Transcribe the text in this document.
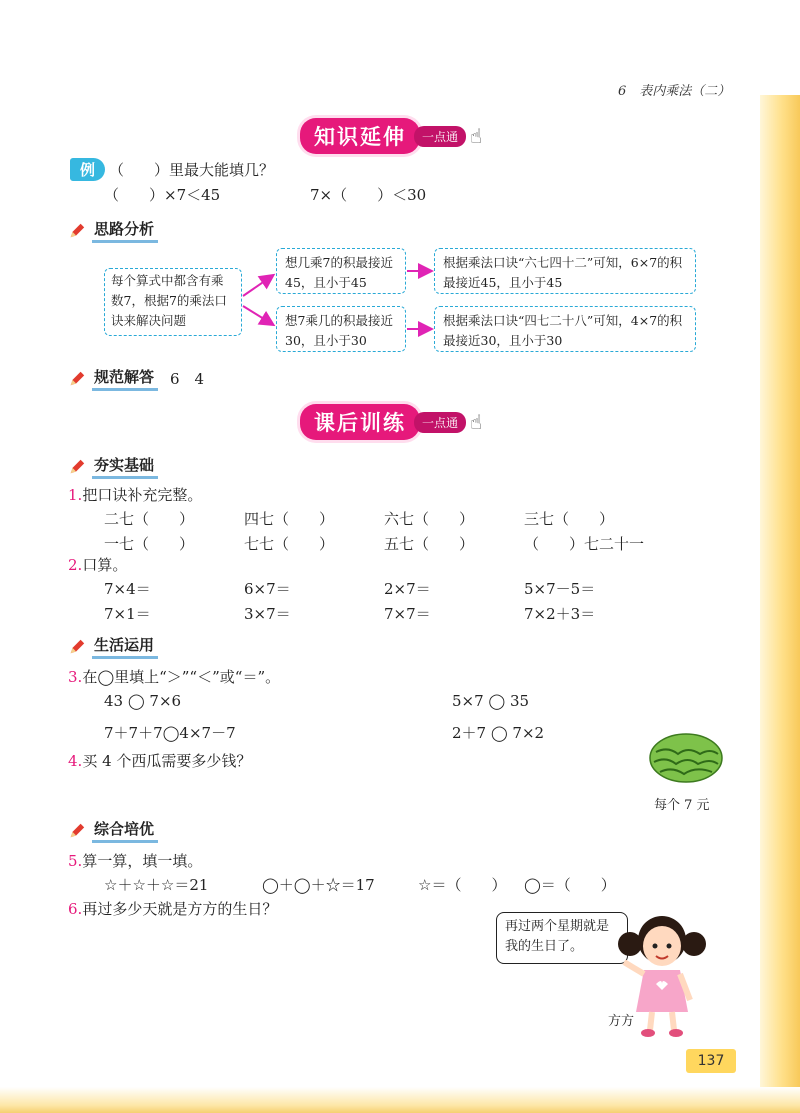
6　 表内乘法（二）
知识延伸	一点通 ☝
例 （　　）里最大能填几？
（　　）×7＜45	7×（　　）＜30
思路分析
每个算式中都含有乘数7，根据7的乘法口诀来解决问题
想几乘7的积最接近45，且小于45
想7乘几的积最接近30，且小于30
根据乘法口诀“六七四十二”可知，6×7的积最接近45，且小于45
根据乘法口诀“四七二十八”可知，4×7的积最接近30，且小于30
规范解答 6　4
课后训练	一点通 ☝
夯实基础
1.把口诀补充完整。
二七（　　）	四七（　　）	六七（　　）	三七（　　）
一七（　　）	七七（　　）	五七（　　）	（　　）七二十一
2.口算。
7×4＝	6×7＝	2×7＝	5×7－5＝
7×1＝	3×7＝	7×7＝	7×2＋3＝
生活运用
3.在◯里填上“＞”“＜”或“＝”。
43 ◯ 7×6	5×7 ◯ 35
7＋7＋7◯4×7－7	2＋7 ◯ 7×2
4.买 4 个西瓜需要多少钱？
每个 7 元
综合培优
5.算一算，填一填。
☆＋☆＋☆＝21	◯＋◯＋☆＝17	☆＝（　　） ◯＝（　　）
6.再过多少天就是方方的生日？
再过两个星期就是我的生日了。
方方
137
